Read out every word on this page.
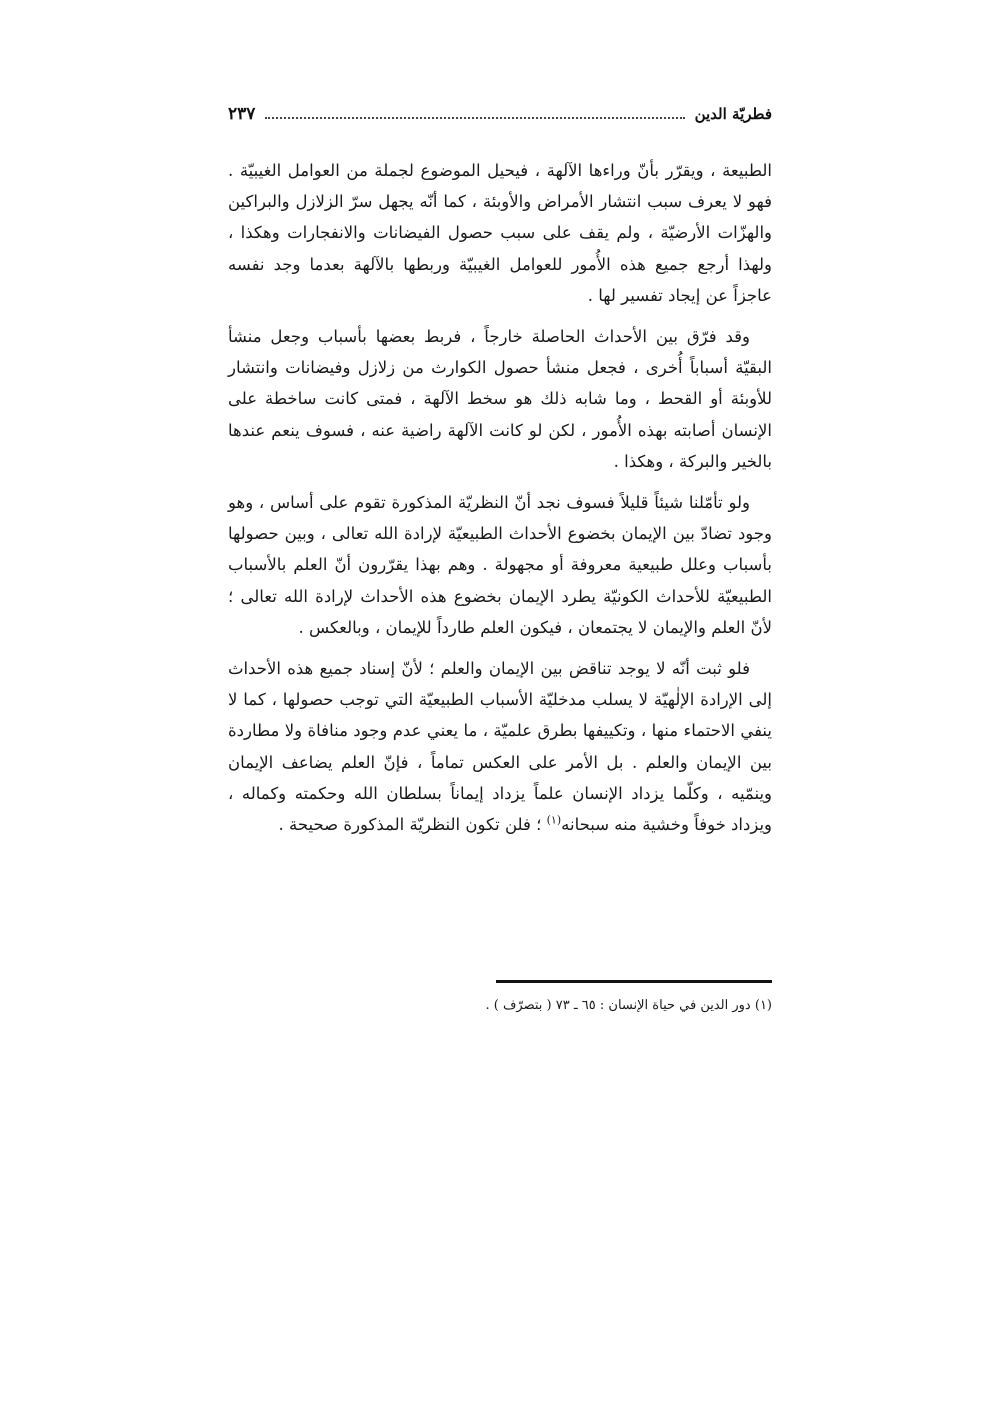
فطريّة الدين
٢٣٧

الطبيعة ، ويقرّر بأنّ وراءها الآلهة ، فيحيل الموضوع لجملة من العوامل الغيبيّة . فهو لا يعرف سبب انتشار الأمراض والأوبئة ، كما أنّه يجهل سرّ الزلازل والبراكين والهزّات الأرضيّة ، ولم يقف على سبب حصول الفيضانات والانفجارات وهكذا ، ولهذا أرجع جميع هذه الأُمور للعوامل الغيبيّة وربطها بالآلهة بعدما وجد نفسه عاجزاً عن إيجاد تفسير لها .

وقد فرّق بين الأحداث الحاصلة خارجاً ، فربط بعضها بأسباب وجعل منشأ البقيّة أسباباً أُخرى ، فجعل منشأ حصول الكوارث من زلازل وفيضانات وانتشار للأوبئة أو القحط ، وما شابه ذلك هو سخط الآلهة ، فمتى كانت ساخطة على الإنسان أصابته بهذه الأُمور ، لكن لو كانت الآلهة راضية عنه ، فسوف ينعم عندها بالخير والبركة ، وهكذا .

ولو تأمّلنا شيئاً قليلاً فسوف نجد أنّ النظريّة المذكورة تقوم على أساس ، وهو وجود تضادّ بين الإيمان بخضوع الأحداث الطبيعيّة لإرادة الله تعالى ، وبين حصولها بأسباب وعلل طبيعية معروفة أو مجهولة . وهم بهذا يقرّرون أنّ العلم بالأسباب الطبيعيّة للأحداث الكونيّة يطرد الإيمان بخضوع هذه الأحداث لإرادة الله تعالى ؛ لأنّ العلم والإيمان لا يجتمعان ، فيكون العلم طارداً للإيمان ، وبالعكس .

فلو ثبت أنّه لا يوجد تناقض بين الإيمان والعلم ؛ لأنّ إسناد جميع هذه الأحداث إلى الإرادة الإلٰهيّة لا يسلب مدخليّة الأسباب الطبيعيّة التي توجب حصولها ، كما لا ينفي الاحتماء منها ، وتكييفها بطرق علميّة ، ما يعني عدم وجود منافاة ولا مطاردة بين الإيمان والعلم . بل الأمر على العكس تماماً ، فإنّ العلم يضاعف الإيمان وينمّيه ، وكلّما يزداد الإنسان علماً يزداد إيماناً بسلطان الله وحكمته وكماله ، ويزداد خوفاً وخشية منه سبحانه$^{(١)}$ ؛ فلن تكون النظريّة المذكورة صحيحة .

(١) دور الدين في حياة الإنسان : ٦٥ ـ ٧٣ ( بتصرّف ) .
